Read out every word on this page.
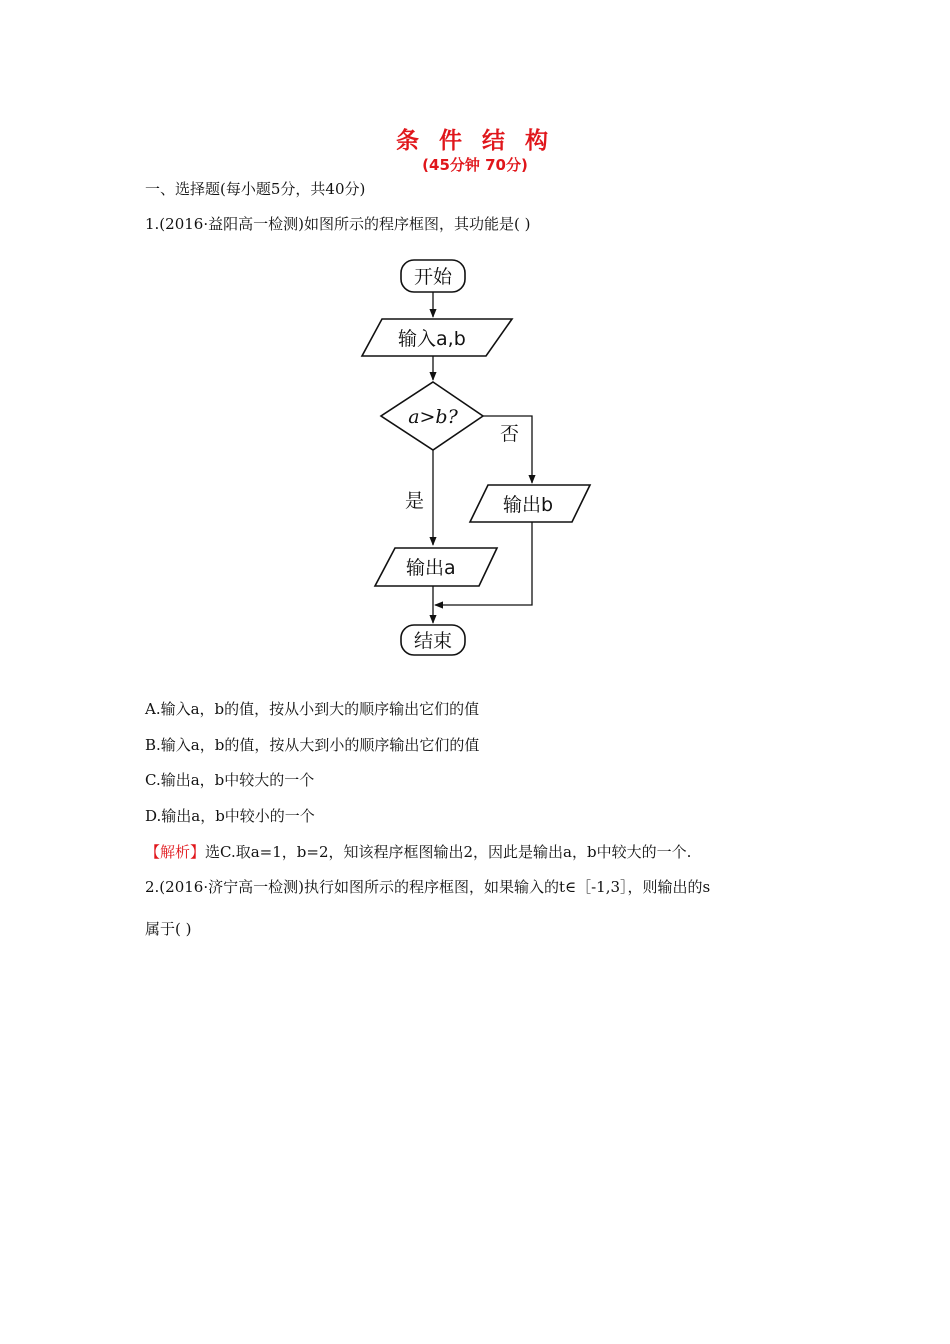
条 件 结 构
(45分钟 70分)
一、选择题(每小题5分，共40分)
1.(2016·益阳高一检测)如图所示的程序框图，其功能是( )
开始
输入a,b
a>b?
否
输出b
是
输出a
结束
A.输入a，b的值，按从小到大的顺序输出它们的值
B.输入a，b的值，按从大到小的顺序输出它们的值
C.输出a，b中较大的一个
D.输出a，b中较小的一个
【解析】选C.取a=1，b=2，知该程序框图输出2，因此是输出a，b中较大的一个.
2.(2016·济宁高一检测)执行如图所示的程序框图，如果输入的t∈［-1,3］，则输出的s
属于( )
